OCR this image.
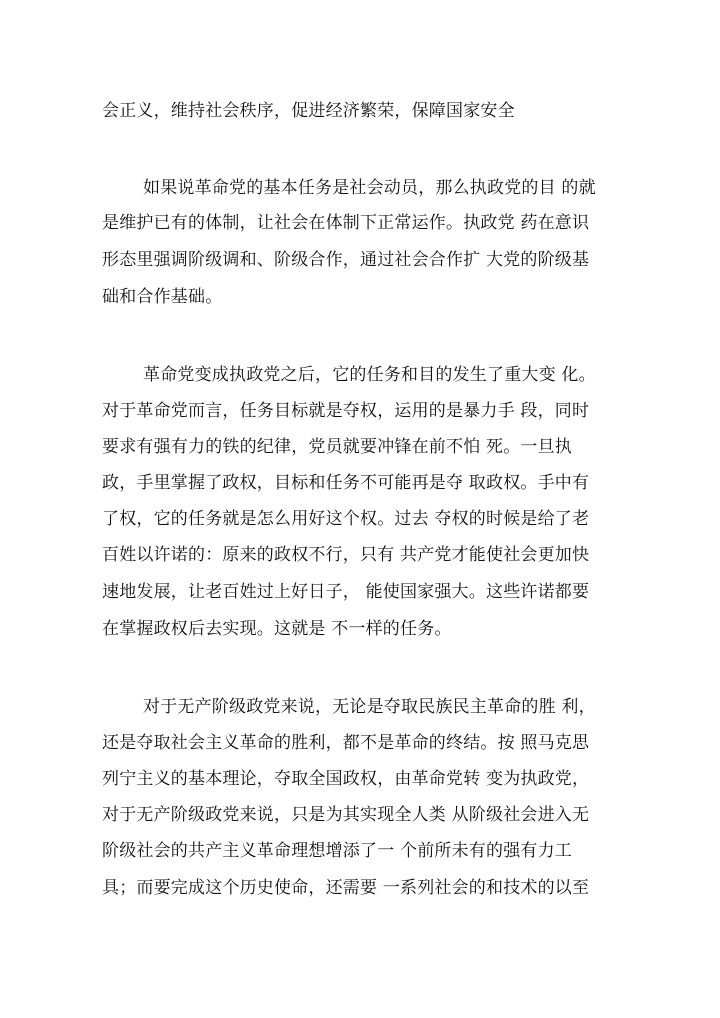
会正义，维持社会秩序，促进经济繁荣，保障国家安全
如果说革命党的基本任务是社会动员，那么执政党的目 的就
是维护已有的体制，让社会在体制下正常运作。执政党 药在意识
形态里强调阶级调和、阶级合作，通过社会合作扩 大党的阶级基
础和合作基础。
革命党变成执政党之后，它的任务和目的发生了重大变 化。
对于革命党而言，任务目标就是夺权，运用的是暴力手 段，同时
要求有强有力的铁的纪律，党员就要冲锋在前不怕 死。一旦执
政，手里掌握了政权，目标和任务不可能再是夺 取政权。手中有
了权，它的任务就是怎么用好这个权。过去 夺权的时候是给了老
百姓以许诺的：原来的政权不行，只有 共产党才能使社会更加快
速地发展，让老百姓过上好日子， 能使国家强大。这些许诺都要
在掌握政权后去实现。这就是 不一样的任务。
对于无产阶级政党来说，无论是夺取民族民主革命的胜 利，
还是夺取社会主义革命的胜利，都不是革命的终结。按 照马克思
列宁主义的基本理论，夺取全国政权，由革命党转 变为执政党，
对于无产阶级政党来说，只是为其实现全人类 从阶级社会进入无
阶级社会的共产主义革命理想增添了一 个前所未有的强有力工
具；而要完成这个历史使命，还需要 一系列社会的和技术的以至
